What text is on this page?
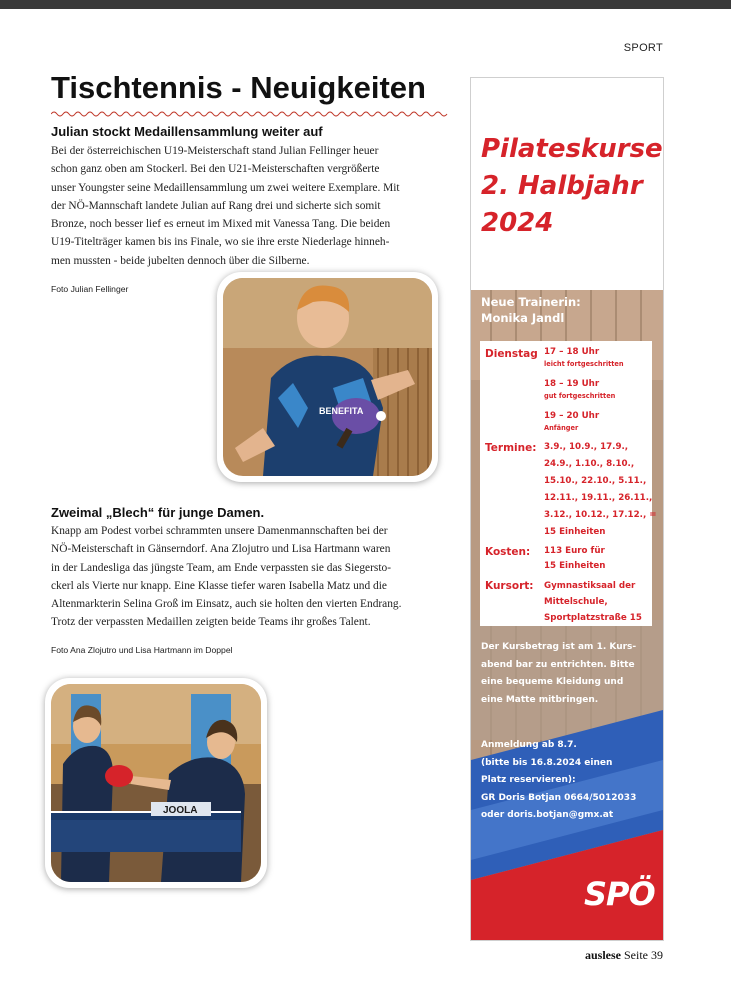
SPORT
Tischtennis - Neuigkeiten
Julian stockt Medaillensammlung weiter auf
Bei der österreichischen U19-Meisterschaft stand Julian Fellinger heuer
schon ganz oben am Stockerl. Bei den U21-Meisterschaften vergrößerte
unser Youngster seine Medaillensammlung um zwei weitere Exemplare. Mit
der NÖ-Mannschaft landete Julian auf Rang drei und sicherte sich somit
Bronze, noch besser lief es erneut im Mixed mit Vanessa Tang. Die beiden
U19-Titelträger kamen bis ins Finale, wo sie ihre erste Niederlage hinneh-
men mussten - beide jubelten dennoch über die Silberne.
Foto Julian Fellinger
BENEFITA
Zweimal „Blech“ für junge Damen.
Knapp am Podest vorbei schrammten unsere Damenmannschaften bei der
NÖ-Meisterschaft in Gänserndorf. Ana Zlojutro und Lisa Hartmann waren
in der Landesliga das jüngste Team, am Ende verpassten sie das Siegersto-
ckerl als Vierte nur knapp. Eine Klasse tiefer waren Isabella Matz und die
Altenmarkterin Selina Groß im Einsatz, auch sie holten den vierten Endrang.
Trotz der verpassten Medaillen zeigten beide Teams ihr großes Talent.
Foto Ana Zlojutro und Lisa Hartmann im Doppel
JOOLA
Pilateskurse
2. Halbjahr
2024
Neue Trainerin:
Monika Jandl
Dienstag 17 – 18 Uhr
leicht fortgeschritten
18 – 19 Uhr
gut fortgeschritten
19 – 20 Uhr
Anfänger
Termine: 3.9., 10.9., 17.9.,
24.9., 1.10., 8.10.,
15.10., 22.10., 5.11.,
12.11., 19.11., 26.11.,
3.12., 10.12., 17.12., =
15 Einheiten
Kosten: 113 Euro für
15 Einheiten
Kursort: Gymnastiksaal der
Mittelschule,
Sportplatzstraße 15
Der Kursbetrag ist am 1. Kurs-
abend bar zu entrichten. Bitte
eine bequeme Kleidung und
eine Matte mitbringen.
Anmeldung ab 8.7.
(bitte bis 16.8.2024 einen
Platz reservieren):
GR Doris Botjan 0664/5012033
oder doris.botjan@gmx.at
SPÖ
auslese Seite 39
